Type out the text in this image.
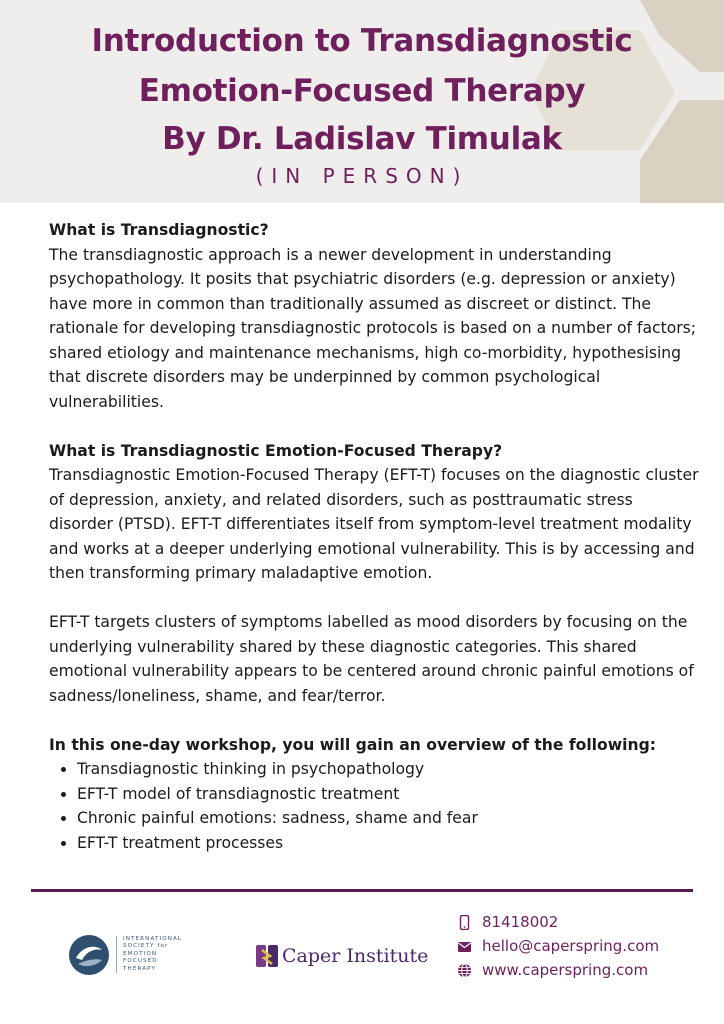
Introduction to Transdiagnostic
Emotion-Focused Therapy
By Dr. Ladislav Timulak
(IN PERSON)
What is Transdiagnostic?

The transdiagnostic approach is a newer development in understanding psychopathology. It posits that psychiatric disorders (e.g. depression or anxiety) have more in common than traditionally assumed as discreet or distinct. The rationale for developing transdiagnostic protocols is based on a number of factors; shared etiology and maintenance mechanisms, high co-morbidity, hypothesising that discrete disorders may be underpinned by common psychological vulnerabilities.

What is Transdiagnostic Emotion-Focused Therapy?

Transdiagnostic Emotion-Focused Therapy (EFT-T) focuses on the diagnostic cluster of depression, anxiety, and related disorders, such as posttraumatic stress disorder (PTSD). EFT-T differentiates itself from symptom-level treatment modality and works at a deeper underlying emotional vulnerability. This is by accessing and then transforming primary maladaptive emotion.

EFT-T targets clusters of symptoms labelled as mood disorders by focusing on the underlying vulnerability shared by these diagnostic categories. This shared emotional vulnerability appears to be centered around chronic painful emotions of sadness/loneliness, shame, and fear/terror.

In this one-day workshop, you will gain an overview of the following:
• Transdiagnostic thinking in psychopathology
• EFT-T model of transdiagnostic treatment
• Chronic painful emotions: sadness, shame and fear
• EFT-T treatment processes
INTERNATIONAL
SOCIETY for
EMOTION
FOCUSED
THERAPY
Caper Institute
81418002
hello@caperspring.com
www.caperspring.com
